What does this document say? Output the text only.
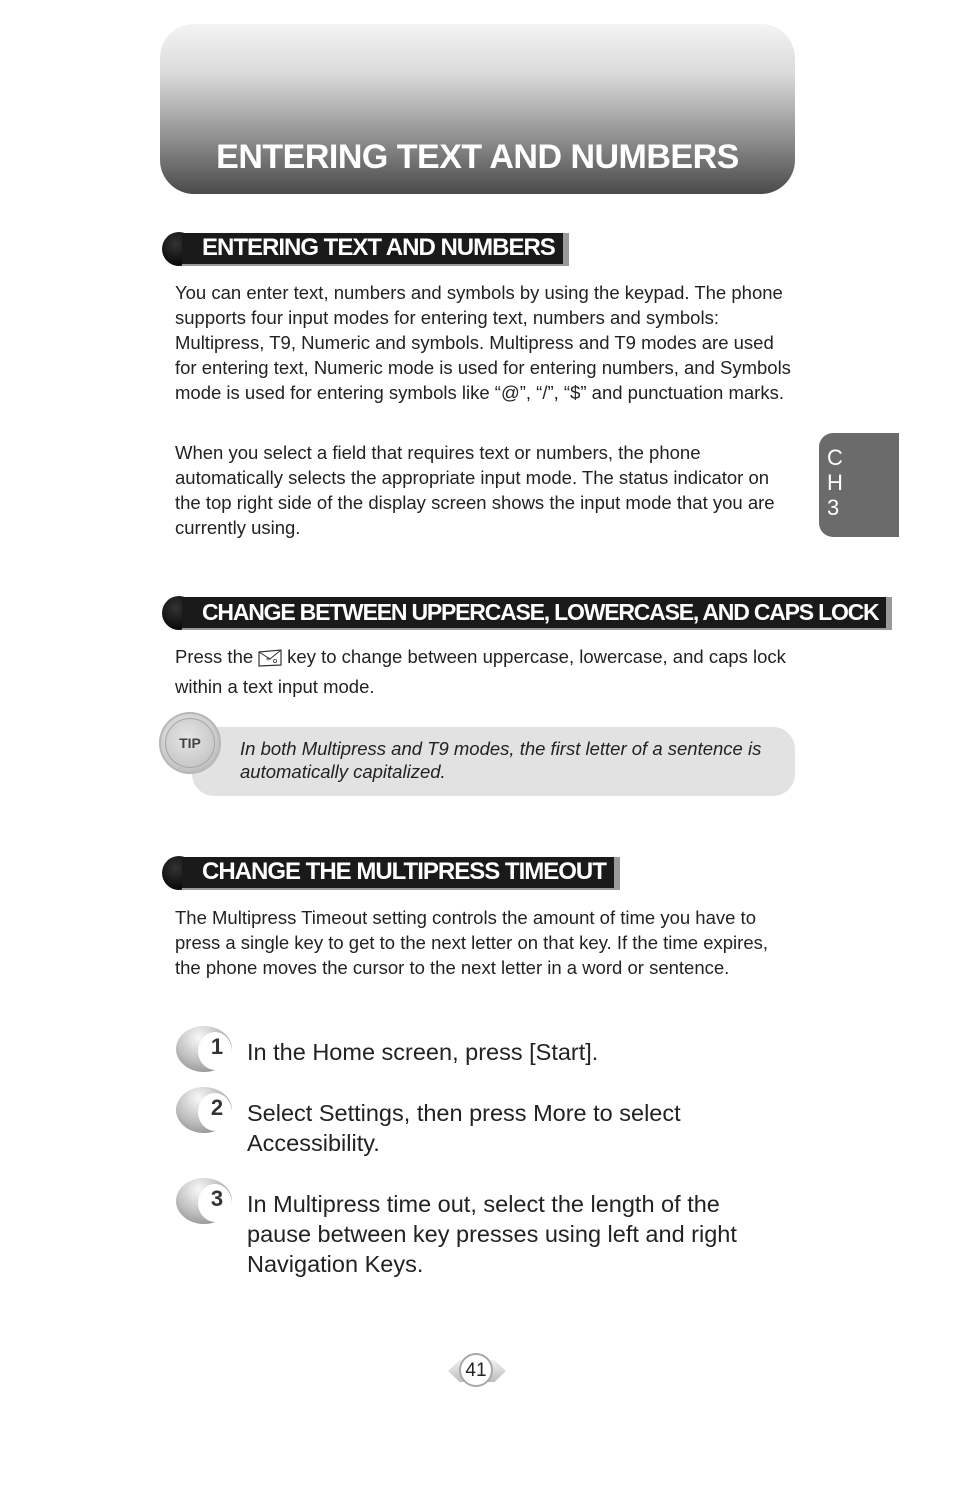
ENTERING TEXT AND NUMBERS
C
H
3
ENTERING TEXT AND NUMBERS

You can enter text, numbers and symbols by using the keypad. The phone supports four input modes for entering text, numbers and symbols: Multipress, T9, Numeric and symbols. Multipress and T9 modes are used for entering text, Numeric mode is used for entering numbers, and Symbols mode is used for entering symbols like “@”, “/”, “$” and punctuation marks.

When you select a field that requires text or numbers, the phone automatically selects the appropriate input mode. The status indicator on the top right side of the display screen shows the input mode that you are currently using.

CHANGE BETWEEN UPPERCASE, LOWERCASE, AND CAPS LOCK

Press the * key to change between uppercase, lowercase, and caps lock within a text input mode.

TIP	In both Multipress and T9 modes, the first letter of a sentence is automatically capitalized.

CHANGE THE MULTIPRESS TIMEOUT

The Multipress Timeout setting controls the amount of time you have to press a single key to get to the next letter on that key. If the time expires, the phone moves the cursor to the next letter in a word or sentence.

1	In the Home screen, press [Start].

2	Select Settings, then press More to select Accessibility.

3	In Multipress time out, select the length of the pause between key presses using left and right Navigation Keys.

41
